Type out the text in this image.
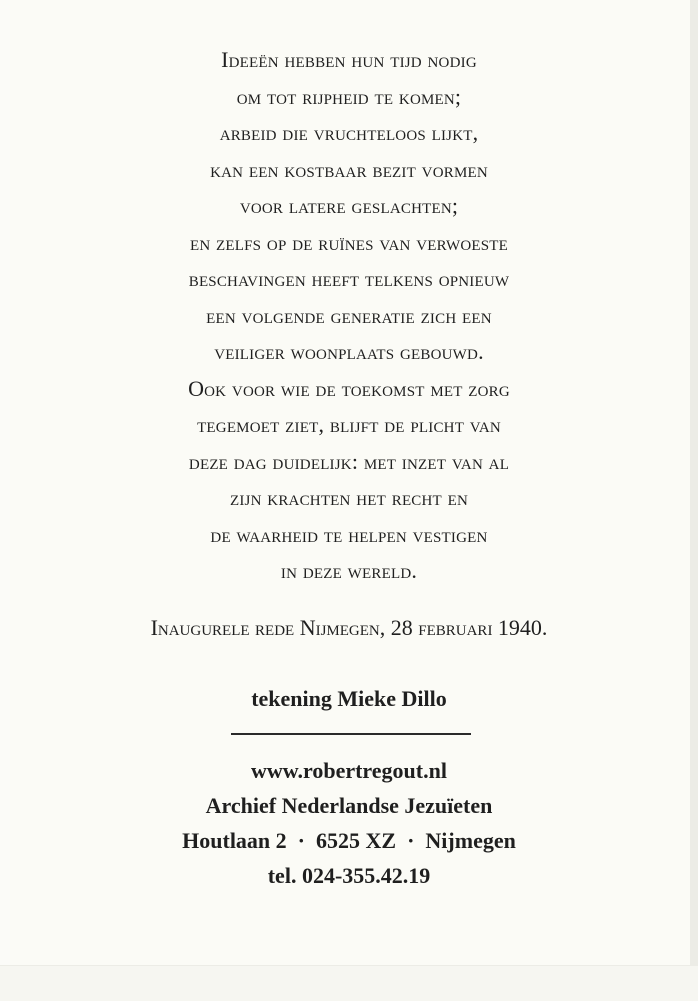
Ideeën hebben hun tijd nodig
om tot rijpheid te komen;
arbeid die vruchteloos lijkt,
kan een kostbaar bezit vormen
voor latere geslachten;
en zelfs op de ruïnes van verwoeste
beschavingen heeft telkens opnieuw
een volgende generatie zich een
veiliger woonplaats gebouwd.
Ook voor wie de toekomst met zorg
tegemoet ziet, blijft de plicht van
deze dag duidelijk: met inzet van al
zijn krachten het recht en
de waarheid te helpen vestigen
in deze wereld.
Inaugurele rede Nijmegen, 28 februari 1940.
tekening Mieke Dillo
www.robertregout.nl
Archief Nederlandse Jezuïeten
Houtlaan 2 · 6525 XZ · Nijmegen
tel. 024-355.42.19
